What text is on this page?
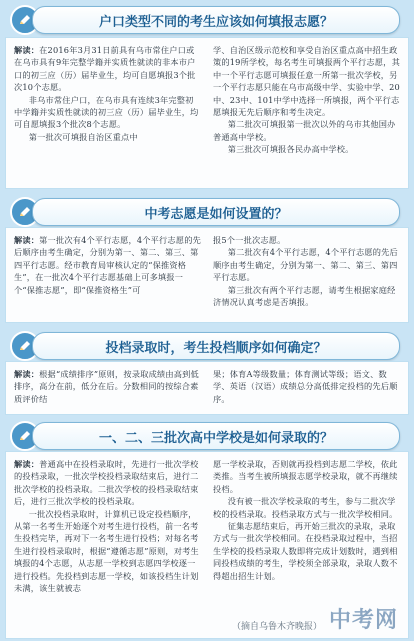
户口类型不同的考生应该如何填报志愿？

解读：在2016年3月31日前具有乌市常住户口或在乌市具有9年完整学籍并实质性就读的非本市户口的初三应（历）届毕业生，均可自愿填报3个批次10个志愿。

非乌市常住户口，在乌市具有连续3年完整初中学籍并实质性就读的初三应（历）届毕业生，均可自愿填报3个批次8个志愿。

第一批次可填报自治区重点中

学、自治区级示范校和享受自治区重点高中招生政策的19所学校，每名考生可填报两个平行志愿，其中一个平行志愿可填报任意一所第一批次学校，另一个平行志愿只能在乌市高级中学、实验中学、20中、23中、101中学中选择一所填报，两个平行志愿填报无先后顺序和考生决定。

第二批次可填报第一批次以外的乌市其他国办普通高中学校。

第三批次可填报各民办高中学校。

中考志愿是如何设置的？

解读：第一批次有4个平行志愿，4个平行志愿的先后顺序由考生确定，分别为第一、第二、第三、第四平行志愿。经市教育局审核认定的“保推资格生”，在一批次4个平行志愿基础上可多填报一个“保推志愿”，即“保推资格生”可

报5个一批次志愿。

第二批次有4个平行志愿，4个平行志愿的先后顺序由考生确定，分别为第一、第二、第三、第四平行志愿。

第三批次有两个平行志愿，请考生根据家庭经济情况认真考虑是否填报。

投档录取时，考生投档顺序如何确定？

解读：根据“成绩排序”原则，按录取成绩由高到低排序，高分在前，低分在后。分数相同的按综合素质评价结

果；体育A等级数量；体育测试等级；语文、数学、英语（汉语）成绩总分高低排定投档的先后顺序。

一、二、三批次高中学校是如何录取的？

解读：普通高中在投档录取时，先进行一批次学校的投档录取，一批次学校投档录取结束后，进行二批次学校的投档录取。二批次学校的投档录取结束后，进行三批次学校的投档录取。

一批次投档录取时，计算机已设定投档顺序，从第一名考生开始逐个对考生进行投档，前一名考生投档完毕，再对下一名考生进行投档；对每名考生进行投档录取时，根据“遵循志愿”原则，对考生填报的4个志愿，从志愿一学校到志愿四学校逐一进行投档。先投档到志愿一学校，如该投档生计划未满，该生就被志

愿一学校录取，否则就再投档到志愿二学校，依此类推。当考生被所填报志愿学校录取，就不再继续投档。

没有被一批次学校录取的考生，参与二批次学校的投档录取。投档录取方式与一批次学校相同。

征集志愿结束后，再开始三批次的录取，录取方式与一批次学校相同。在投档录取过程中，当招生学校的投档录取人数即将完成计划数时，遇到相同投档成绩的考生，学校须全部录取，录取人数不得超出招生计划。

（摘自乌鲁木齐晚报） 中考网
